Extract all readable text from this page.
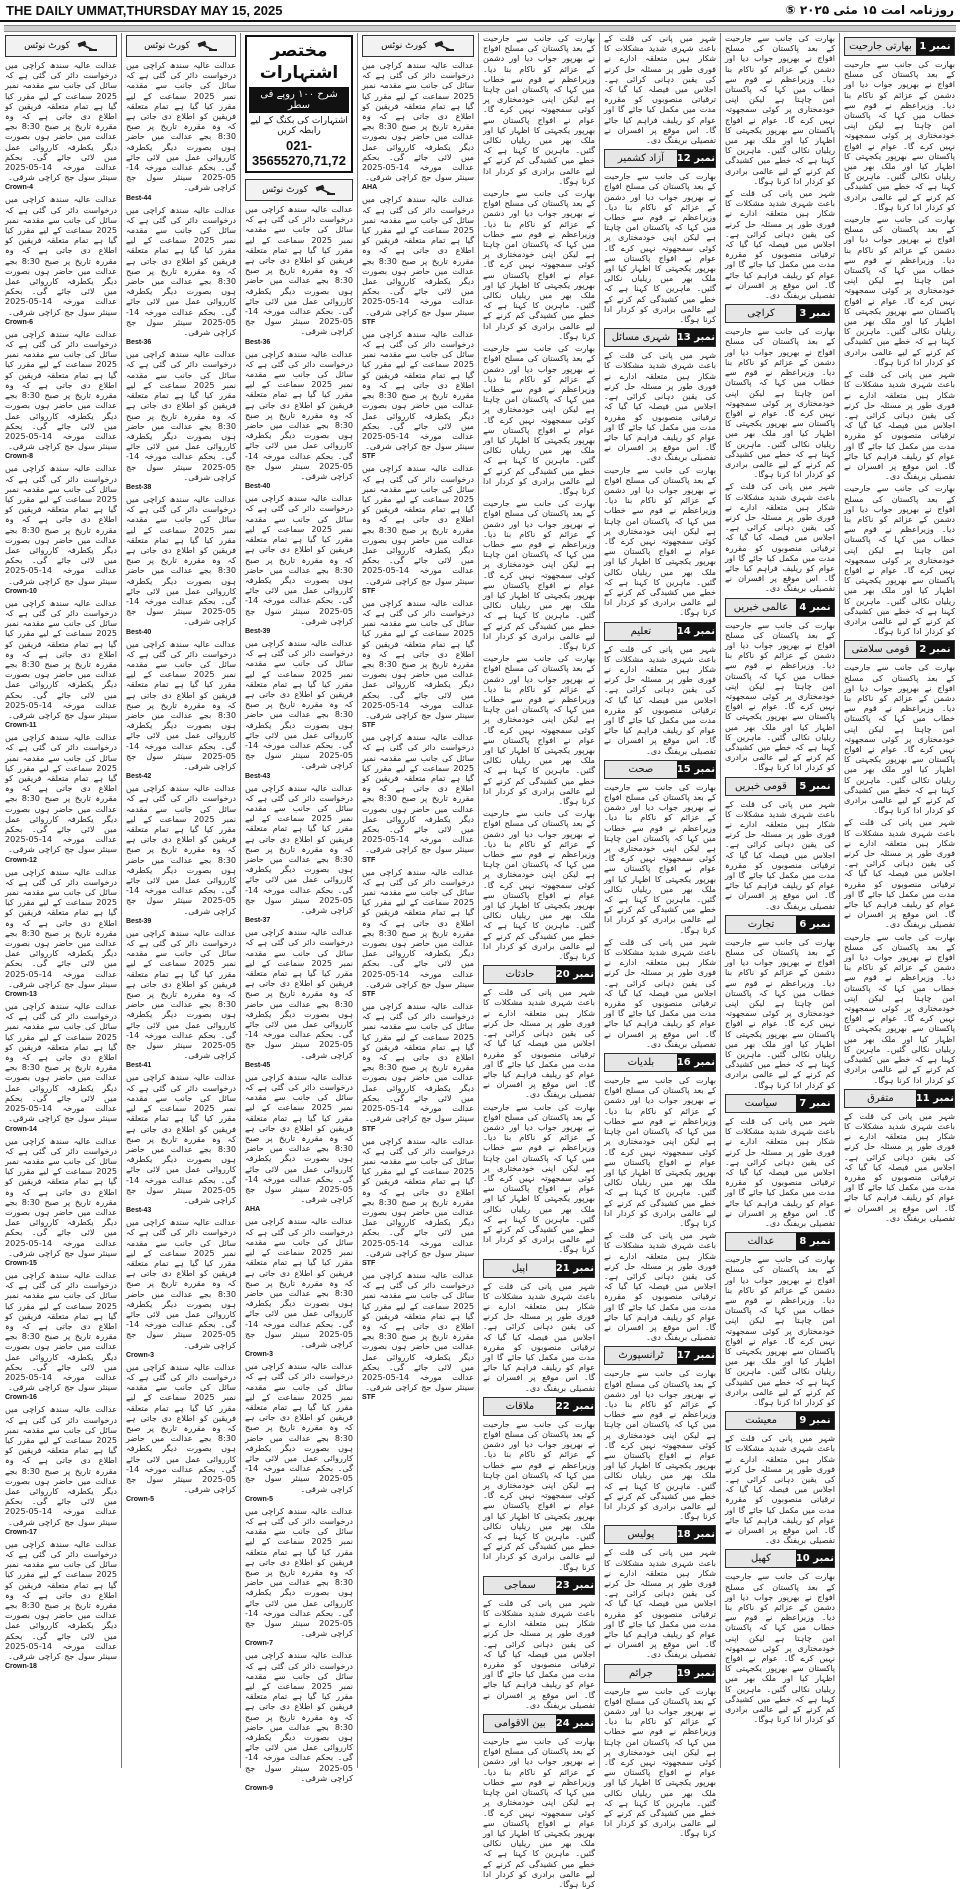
THE DAILY UMMAT,THURSDAY MAY 15, 2025	روزنامہ امت ۱۵ مئی ۲۰۲۵ ⑤
کورٹ نوٹس

عدالت عالیہ سندھ کراچی میں درخواست دائر کی گئی ہے کہ سائل کی جانب سے مقدمہ نمبر 2025 سماعت کے لیے مقرر کیا گیا ہے تمام متعلقہ فریقین کو اطلاع دی جاتی ہے کہ وہ مقررہ تاریخ پر صبح 8:30 بجے عدالت میں حاضر ہوں بصورت دیگر یکطرفہ کارروائی عمل میں لائی جائے گی۔ بحکم عدالت مورخہ 14-05-2025 سینئر سول جج کراچی شرقی۔

Crown-4

عدالت عالیہ سندھ کراچی میں درخواست دائر کی گئی ہے کہ سائل کی جانب سے مقدمہ نمبر 2025 سماعت کے لیے مقرر کیا گیا ہے تمام متعلقہ فریقین کو اطلاع دی جاتی ہے کہ وہ مقررہ تاریخ پر صبح 8:30 بجے عدالت میں حاضر ہوں بصورت دیگر یکطرفہ کارروائی عمل میں لائی جائے گی۔ بحکم عدالت مورخہ 14-05-2025 سینئر سول جج کراچی شرقی۔

Crown-6

عدالت عالیہ سندھ کراچی میں درخواست دائر کی گئی ہے کہ سائل کی جانب سے مقدمہ نمبر 2025 سماعت کے لیے مقرر کیا گیا ہے تمام متعلقہ فریقین کو اطلاع دی جاتی ہے کہ وہ مقررہ تاریخ پر صبح 8:30 بجے عدالت میں حاضر ہوں بصورت دیگر یکطرفہ کارروائی عمل میں لائی جائے گی۔ بحکم عدالت مورخہ 14-05-2025 سینئر سول جج کراچی شرقی۔

Crown-8

عدالت عالیہ سندھ کراچی میں درخواست دائر کی گئی ہے کہ سائل کی جانب سے مقدمہ نمبر 2025 سماعت کے لیے مقرر کیا گیا ہے تمام متعلقہ فریقین کو اطلاع دی جاتی ہے کہ وہ مقررہ تاریخ پر صبح 8:30 بجے عدالت میں حاضر ہوں بصورت دیگر یکطرفہ کارروائی عمل میں لائی جائے گی۔ بحکم عدالت مورخہ 14-05-2025 سینئر سول جج کراچی شرقی۔

Crown-10

عدالت عالیہ سندھ کراچی میں درخواست دائر کی گئی ہے کہ سائل کی جانب سے مقدمہ نمبر 2025 سماعت کے لیے مقرر کیا گیا ہے تمام متعلقہ فریقین کو اطلاع دی جاتی ہے کہ وہ مقررہ تاریخ پر صبح 8:30 بجے عدالت میں حاضر ہوں بصورت دیگر یکطرفہ کارروائی عمل میں لائی جائے گی۔ بحکم عدالت مورخہ 14-05-2025 سینئر سول جج کراچی شرقی۔

Crown-11

عدالت عالیہ سندھ کراچی میں درخواست دائر کی گئی ہے کہ سائل کی جانب سے مقدمہ نمبر 2025 سماعت کے لیے مقرر کیا گیا ہے تمام متعلقہ فریقین کو اطلاع دی جاتی ہے کہ وہ مقررہ تاریخ پر صبح 8:30 بجے عدالت میں حاضر ہوں بصورت دیگر یکطرفہ کارروائی عمل میں لائی جائے گی۔ بحکم عدالت مورخہ 14-05-2025 سینئر سول جج کراچی شرقی۔

Crown-12

عدالت عالیہ سندھ کراچی میں درخواست دائر کی گئی ہے کہ سائل کی جانب سے مقدمہ نمبر 2025 سماعت کے لیے مقرر کیا گیا ہے تمام متعلقہ فریقین کو اطلاع دی جاتی ہے کہ وہ مقررہ تاریخ پر صبح 8:30 بجے عدالت میں حاضر ہوں بصورت دیگر یکطرفہ کارروائی عمل میں لائی جائے گی۔ بحکم عدالت مورخہ 14-05-2025 سینئر سول جج کراچی شرقی۔

Crown-13

عدالت عالیہ سندھ کراچی میں درخواست دائر کی گئی ہے کہ سائل کی جانب سے مقدمہ نمبر 2025 سماعت کے لیے مقرر کیا گیا ہے تمام متعلقہ فریقین کو اطلاع دی جاتی ہے کہ وہ مقررہ تاریخ پر صبح 8:30 بجے عدالت میں حاضر ہوں بصورت دیگر یکطرفہ کارروائی عمل میں لائی جائے گی۔ بحکم عدالت مورخہ 14-05-2025 سینئر سول جج کراچی شرقی۔

Crown-14

عدالت عالیہ سندھ کراچی میں درخواست دائر کی گئی ہے کہ سائل کی جانب سے مقدمہ نمبر 2025 سماعت کے لیے مقرر کیا گیا ہے تمام متعلقہ فریقین کو اطلاع دی جاتی ہے کہ وہ مقررہ تاریخ پر صبح 8:30 بجے عدالت میں حاضر ہوں بصورت دیگر یکطرفہ کارروائی عمل میں لائی جائے گی۔ بحکم عدالت مورخہ 14-05-2025 سینئر سول جج کراچی شرقی۔

Crown-15

عدالت عالیہ سندھ کراچی میں درخواست دائر کی گئی ہے کہ سائل کی جانب سے مقدمہ نمبر 2025 سماعت کے لیے مقرر کیا گیا ہے تمام متعلقہ فریقین کو اطلاع دی جاتی ہے کہ وہ مقررہ تاریخ پر صبح 8:30 بجے عدالت میں حاضر ہوں بصورت دیگر یکطرفہ کارروائی عمل میں لائی جائے گی۔ بحکم عدالت مورخہ 14-05-2025 سینئر سول جج کراچی شرقی۔

Crown-16

عدالت عالیہ سندھ کراچی میں درخواست دائر کی گئی ہے کہ سائل کی جانب سے مقدمہ نمبر 2025 سماعت کے لیے مقرر کیا گیا ہے تمام متعلقہ فریقین کو اطلاع دی جاتی ہے کہ وہ مقررہ تاریخ پر صبح 8:30 بجے عدالت میں حاضر ہوں بصورت دیگر یکطرفہ کارروائی عمل میں لائی جائے گی۔ بحکم عدالت مورخہ 14-05-2025 سینئر سول جج کراچی شرقی۔

Crown-17

عدالت عالیہ سندھ کراچی میں درخواست دائر کی گئی ہے کہ سائل کی جانب سے مقدمہ نمبر 2025 سماعت کے لیے مقرر کیا گیا ہے تمام متعلقہ فریقین کو اطلاع دی جاتی ہے کہ وہ مقررہ تاریخ پر صبح 8:30 بجے عدالت میں حاضر ہوں بصورت دیگر یکطرفہ کارروائی عمل میں لائی جائے گی۔ بحکم عدالت مورخہ 14-05-2025 سینئر سول جج کراچی شرقی۔

Crown-18
کورٹ نوٹس

عدالت عالیہ سندھ کراچی میں درخواست دائر کی گئی ہے کہ سائل کی جانب سے مقدمہ نمبر 2025 سماعت کے لیے مقرر کیا گیا ہے تمام متعلقہ فریقین کو اطلاع دی جاتی ہے کہ وہ مقررہ تاریخ پر صبح 8:30 بجے عدالت میں حاضر ہوں بصورت دیگر یکطرفہ کارروائی عمل میں لائی جائے گی۔ بحکم عدالت مورخہ 14-05-2025 سینئر سول جج کراچی شرقی۔

Best-44

عدالت عالیہ سندھ کراچی میں درخواست دائر کی گئی ہے کہ سائل کی جانب سے مقدمہ نمبر 2025 سماعت کے لیے مقرر کیا گیا ہے تمام متعلقہ فریقین کو اطلاع دی جاتی ہے کہ وہ مقررہ تاریخ پر صبح 8:30 بجے عدالت میں حاضر ہوں بصورت دیگر یکطرفہ کارروائی عمل میں لائی جائے گی۔ بحکم عدالت مورخہ 14-05-2025 سینئر سول جج کراچی شرقی۔

Best-36

عدالت عالیہ سندھ کراچی میں درخواست دائر کی گئی ہے کہ سائل کی جانب سے مقدمہ نمبر 2025 سماعت کے لیے مقرر کیا گیا ہے تمام متعلقہ فریقین کو اطلاع دی جاتی ہے کہ وہ مقررہ تاریخ پر صبح 8:30 بجے عدالت میں حاضر ہوں بصورت دیگر یکطرفہ کارروائی عمل میں لائی جائے گی۔ بحکم عدالت مورخہ 14-05-2025 سینئر سول جج کراچی شرقی۔

Best-38

عدالت عالیہ سندھ کراچی میں درخواست دائر کی گئی ہے کہ سائل کی جانب سے مقدمہ نمبر 2025 سماعت کے لیے مقرر کیا گیا ہے تمام متعلقہ فریقین کو اطلاع دی جاتی ہے کہ وہ مقررہ تاریخ پر صبح 8:30 بجے عدالت میں حاضر ہوں بصورت دیگر یکطرفہ کارروائی عمل میں لائی جائے گی۔ بحکم عدالت مورخہ 14-05-2025 سینئر سول جج کراچی شرقی۔

Best-40

عدالت عالیہ سندھ کراچی میں درخواست دائر کی گئی ہے کہ سائل کی جانب سے مقدمہ نمبر 2025 سماعت کے لیے مقرر کیا گیا ہے تمام متعلقہ فریقین کو اطلاع دی جاتی ہے کہ وہ مقررہ تاریخ پر صبح 8:30 بجے عدالت میں حاضر ہوں بصورت دیگر یکطرفہ کارروائی عمل میں لائی جائے گی۔ بحکم عدالت مورخہ 14-05-2025 سینئر سول جج کراچی شرقی۔

Best-42

عدالت عالیہ سندھ کراچی میں درخواست دائر کی گئی ہے کہ سائل کی جانب سے مقدمہ نمبر 2025 سماعت کے لیے مقرر کیا گیا ہے تمام متعلقہ فریقین کو اطلاع دی جاتی ہے کہ وہ مقررہ تاریخ پر صبح 8:30 بجے عدالت میں حاضر ہوں بصورت دیگر یکطرفہ کارروائی عمل میں لائی جائے گی۔ بحکم عدالت مورخہ 14-05-2025 سینئر سول جج کراچی شرقی۔

Best-39

عدالت عالیہ سندھ کراچی میں درخواست دائر کی گئی ہے کہ سائل کی جانب سے مقدمہ نمبر 2025 سماعت کے لیے مقرر کیا گیا ہے تمام متعلقہ فریقین کو اطلاع دی جاتی ہے کہ وہ مقررہ تاریخ پر صبح 8:30 بجے عدالت میں حاضر ہوں بصورت دیگر یکطرفہ کارروائی عمل میں لائی جائے گی۔ بحکم عدالت مورخہ 14-05-2025 سینئر سول جج کراچی شرقی۔

Best-41

عدالت عالیہ سندھ کراچی میں درخواست دائر کی گئی ہے کہ سائل کی جانب سے مقدمہ نمبر 2025 سماعت کے لیے مقرر کیا گیا ہے تمام متعلقہ فریقین کو اطلاع دی جاتی ہے کہ وہ مقررہ تاریخ پر صبح 8:30 بجے عدالت میں حاضر ہوں بصورت دیگر یکطرفہ کارروائی عمل میں لائی جائے گی۔ بحکم عدالت مورخہ 14-05-2025 سینئر سول جج کراچی شرقی۔

Best-43

عدالت عالیہ سندھ کراچی میں درخواست دائر کی گئی ہے کہ سائل کی جانب سے مقدمہ نمبر 2025 سماعت کے لیے مقرر کیا گیا ہے تمام متعلقہ فریقین کو اطلاع دی جاتی ہے کہ وہ مقررہ تاریخ پر صبح 8:30 بجے عدالت میں حاضر ہوں بصورت دیگر یکطرفہ کارروائی عمل میں لائی جائے گی۔ بحکم عدالت مورخہ 14-05-2025 سینئر سول جج کراچی شرقی۔

Crown-3

عدالت عالیہ سندھ کراچی میں درخواست دائر کی گئی ہے کہ سائل کی جانب سے مقدمہ نمبر 2025 سماعت کے لیے مقرر کیا گیا ہے تمام متعلقہ فریقین کو اطلاع دی جاتی ہے کہ وہ مقررہ تاریخ پر صبح 8:30 بجے عدالت میں حاضر ہوں بصورت دیگر یکطرفہ کارروائی عمل میں لائی جائے گی۔ بحکم عدالت مورخہ 14-05-2025 سینئر سول جج کراچی شرقی۔

Crown-5
مختصر اشتہارات
شرح ١٠٠ روپے فی سطر
اشتہارات کی بکنگ کے لیے رابطہ کریں
021-35655270,71,72
کورٹ نوٹس

عدالت عالیہ سندھ کراچی میں درخواست دائر کی گئی ہے کہ سائل کی جانب سے مقدمہ نمبر 2025 سماعت کے لیے مقرر کیا گیا ہے تمام متعلقہ فریقین کو اطلاع دی جاتی ہے کہ وہ مقررہ تاریخ پر صبح 8:30 بجے عدالت میں حاضر ہوں بصورت دیگر یکطرفہ کارروائی عمل میں لائی جائے گی۔ بحکم عدالت مورخہ 14-05-2025 سینئر سول جج کراچی شرقی۔

Best-36

عدالت عالیہ سندھ کراچی میں درخواست دائر کی گئی ہے کہ سائل کی جانب سے مقدمہ نمبر 2025 سماعت کے لیے مقرر کیا گیا ہے تمام متعلقہ فریقین کو اطلاع دی جاتی ہے کہ وہ مقررہ تاریخ پر صبح 8:30 بجے عدالت میں حاضر ہوں بصورت دیگر یکطرفہ کارروائی عمل میں لائی جائے گی۔ بحکم عدالت مورخہ 14-05-2025 سینئر سول جج کراچی شرقی۔

Best-40

عدالت عالیہ سندھ کراچی میں درخواست دائر کی گئی ہے کہ سائل کی جانب سے مقدمہ نمبر 2025 سماعت کے لیے مقرر کیا گیا ہے تمام متعلقہ فریقین کو اطلاع دی جاتی ہے کہ وہ مقررہ تاریخ پر صبح 8:30 بجے عدالت میں حاضر ہوں بصورت دیگر یکطرفہ کارروائی عمل میں لائی جائے گی۔ بحکم عدالت مورخہ 14-05-2025 سینئر سول جج کراچی شرقی۔

Best-39

عدالت عالیہ سندھ کراچی میں درخواست دائر کی گئی ہے کہ سائل کی جانب سے مقدمہ نمبر 2025 سماعت کے لیے مقرر کیا گیا ہے تمام متعلقہ فریقین کو اطلاع دی جاتی ہے کہ وہ مقررہ تاریخ پر صبح 8:30 بجے عدالت میں حاضر ہوں بصورت دیگر یکطرفہ کارروائی عمل میں لائی جائے گی۔ بحکم عدالت مورخہ 14-05-2025 سینئر سول جج کراچی شرقی۔

Best-43

عدالت عالیہ سندھ کراچی میں درخواست دائر کی گئی ہے کہ سائل کی جانب سے مقدمہ نمبر 2025 سماعت کے لیے مقرر کیا گیا ہے تمام متعلقہ فریقین کو اطلاع دی جاتی ہے کہ وہ مقررہ تاریخ پر صبح 8:30 بجے عدالت میں حاضر ہوں بصورت دیگر یکطرفہ کارروائی عمل میں لائی جائے گی۔ بحکم عدالت مورخہ 14-05-2025 سینئر سول جج کراچی شرقی۔

Best-37

عدالت عالیہ سندھ کراچی میں درخواست دائر کی گئی ہے کہ سائل کی جانب سے مقدمہ نمبر 2025 سماعت کے لیے مقرر کیا گیا ہے تمام متعلقہ فریقین کو اطلاع دی جاتی ہے کہ وہ مقررہ تاریخ پر صبح 8:30 بجے عدالت میں حاضر ہوں بصورت دیگر یکطرفہ کارروائی عمل میں لائی جائے گی۔ بحکم عدالت مورخہ 14-05-2025 سینئر سول جج کراچی شرقی۔

Best-45

عدالت عالیہ سندھ کراچی میں درخواست دائر کی گئی ہے کہ سائل کی جانب سے مقدمہ نمبر 2025 سماعت کے لیے مقرر کیا گیا ہے تمام متعلقہ فریقین کو اطلاع دی جاتی ہے کہ وہ مقررہ تاریخ پر صبح 8:30 بجے عدالت میں حاضر ہوں بصورت دیگر یکطرفہ کارروائی عمل میں لائی جائے گی۔ بحکم عدالت مورخہ 14-05-2025 سینئر سول جج کراچی شرقی۔

AHA

عدالت عالیہ سندھ کراچی میں درخواست دائر کی گئی ہے کہ سائل کی جانب سے مقدمہ نمبر 2025 سماعت کے لیے مقرر کیا گیا ہے تمام متعلقہ فریقین کو اطلاع دی جاتی ہے کہ وہ مقررہ تاریخ پر صبح 8:30 بجے عدالت میں حاضر ہوں بصورت دیگر یکطرفہ کارروائی عمل میں لائی جائے گی۔ بحکم عدالت مورخہ 14-05-2025 سینئر سول جج کراچی شرقی۔

Crown-3

عدالت عالیہ سندھ کراچی میں درخواست دائر کی گئی ہے کہ سائل کی جانب سے مقدمہ نمبر 2025 سماعت کے لیے مقرر کیا گیا ہے تمام متعلقہ فریقین کو اطلاع دی جاتی ہے کہ وہ مقررہ تاریخ پر صبح 8:30 بجے عدالت میں حاضر ہوں بصورت دیگر یکطرفہ کارروائی عمل میں لائی جائے گی۔ بحکم عدالت مورخہ 14-05-2025 سینئر سول جج کراچی شرقی۔

Crown-5

عدالت عالیہ سندھ کراچی میں درخواست دائر کی گئی ہے کہ سائل کی جانب سے مقدمہ نمبر 2025 سماعت کے لیے مقرر کیا گیا ہے تمام متعلقہ فریقین کو اطلاع دی جاتی ہے کہ وہ مقررہ تاریخ پر صبح 8:30 بجے عدالت میں حاضر ہوں بصورت دیگر یکطرفہ کارروائی عمل میں لائی جائے گی۔ بحکم عدالت مورخہ 14-05-2025 سینئر سول جج کراچی شرقی۔

Crown-7

عدالت عالیہ سندھ کراچی میں درخواست دائر کی گئی ہے کہ سائل کی جانب سے مقدمہ نمبر 2025 سماعت کے لیے مقرر کیا گیا ہے تمام متعلقہ فریقین کو اطلاع دی جاتی ہے کہ وہ مقررہ تاریخ پر صبح 8:30 بجے عدالت میں حاضر ہوں بصورت دیگر یکطرفہ کارروائی عمل میں لائی جائے گی۔ بحکم عدالت مورخہ 14-05-2025 سینئر سول جج کراچی شرقی۔

Crown-9
کورٹ نوٹس

عدالت عالیہ سندھ کراچی میں درخواست دائر کی گئی ہے کہ سائل کی جانب سے مقدمہ نمبر 2025 سماعت کے لیے مقرر کیا گیا ہے تمام متعلقہ فریقین کو اطلاع دی جاتی ہے کہ وہ مقررہ تاریخ پر صبح 8:30 بجے عدالت میں حاضر ہوں بصورت دیگر یکطرفہ کارروائی عمل میں لائی جائے گی۔ بحکم عدالت مورخہ 14-05-2025 سینئر سول جج کراچی شرقی۔

AHA

عدالت عالیہ سندھ کراچی میں درخواست دائر کی گئی ہے کہ سائل کی جانب سے مقدمہ نمبر 2025 سماعت کے لیے مقرر کیا گیا ہے تمام متعلقہ فریقین کو اطلاع دی جاتی ہے کہ وہ مقررہ تاریخ پر صبح 8:30 بجے عدالت میں حاضر ہوں بصورت دیگر یکطرفہ کارروائی عمل میں لائی جائے گی۔ بحکم عدالت مورخہ 14-05-2025 سینئر سول جج کراچی شرقی۔

STF

عدالت عالیہ سندھ کراچی میں درخواست دائر کی گئی ہے کہ سائل کی جانب سے مقدمہ نمبر 2025 سماعت کے لیے مقرر کیا گیا ہے تمام متعلقہ فریقین کو اطلاع دی جاتی ہے کہ وہ مقررہ تاریخ پر صبح 8:30 بجے عدالت میں حاضر ہوں بصورت دیگر یکطرفہ کارروائی عمل میں لائی جائے گی۔ بحکم عدالت مورخہ 14-05-2025 سینئر سول جج کراچی شرقی۔

STF

عدالت عالیہ سندھ کراچی میں درخواست دائر کی گئی ہے کہ سائل کی جانب سے مقدمہ نمبر 2025 سماعت کے لیے مقرر کیا گیا ہے تمام متعلقہ فریقین کو اطلاع دی جاتی ہے کہ وہ مقررہ تاریخ پر صبح 8:30 بجے عدالت میں حاضر ہوں بصورت دیگر یکطرفہ کارروائی عمل میں لائی جائے گی۔ بحکم عدالت مورخہ 14-05-2025 سینئر سول جج کراچی شرقی۔

STF

عدالت عالیہ سندھ کراچی میں درخواست دائر کی گئی ہے کہ سائل کی جانب سے مقدمہ نمبر 2025 سماعت کے لیے مقرر کیا گیا ہے تمام متعلقہ فریقین کو اطلاع دی جاتی ہے کہ وہ مقررہ تاریخ پر صبح 8:30 بجے عدالت میں حاضر ہوں بصورت دیگر یکطرفہ کارروائی عمل میں لائی جائے گی۔ بحکم عدالت مورخہ 14-05-2025 سینئر سول جج کراچی شرقی۔

STF

عدالت عالیہ سندھ کراچی میں درخواست دائر کی گئی ہے کہ سائل کی جانب سے مقدمہ نمبر 2025 سماعت کے لیے مقرر کیا گیا ہے تمام متعلقہ فریقین کو اطلاع دی جاتی ہے کہ وہ مقررہ تاریخ پر صبح 8:30 بجے عدالت میں حاضر ہوں بصورت دیگر یکطرفہ کارروائی عمل میں لائی جائے گی۔ بحکم عدالت مورخہ 14-05-2025 سینئر سول جج کراچی شرقی۔

STF

عدالت عالیہ سندھ کراچی میں درخواست دائر کی گئی ہے کہ سائل کی جانب سے مقدمہ نمبر 2025 سماعت کے لیے مقرر کیا گیا ہے تمام متعلقہ فریقین کو اطلاع دی جاتی ہے کہ وہ مقررہ تاریخ پر صبح 8:30 بجے عدالت میں حاضر ہوں بصورت دیگر یکطرفہ کارروائی عمل میں لائی جائے گی۔ بحکم عدالت مورخہ 14-05-2025 سینئر سول جج کراچی شرقی۔

STF

عدالت عالیہ سندھ کراچی میں درخواست دائر کی گئی ہے کہ سائل کی جانب سے مقدمہ نمبر 2025 سماعت کے لیے مقرر کیا گیا ہے تمام متعلقہ فریقین کو اطلاع دی جاتی ہے کہ وہ مقررہ تاریخ پر صبح 8:30 بجے عدالت میں حاضر ہوں بصورت دیگر یکطرفہ کارروائی عمل میں لائی جائے گی۔ بحکم عدالت مورخہ 14-05-2025 سینئر سول جج کراچی شرقی۔

STF

عدالت عالیہ سندھ کراچی میں درخواست دائر کی گئی ہے کہ سائل کی جانب سے مقدمہ نمبر 2025 سماعت کے لیے مقرر کیا گیا ہے تمام متعلقہ فریقین کو اطلاع دی جاتی ہے کہ وہ مقررہ تاریخ پر صبح 8:30 بجے عدالت میں حاضر ہوں بصورت دیگر یکطرفہ کارروائی عمل میں لائی جائے گی۔ بحکم عدالت مورخہ 14-05-2025 سینئر سول جج کراچی شرقی۔

STF

عدالت عالیہ سندھ کراچی میں درخواست دائر کی گئی ہے کہ سائل کی جانب سے مقدمہ نمبر 2025 سماعت کے لیے مقرر کیا گیا ہے تمام متعلقہ فریقین کو اطلاع دی جاتی ہے کہ وہ مقررہ تاریخ پر صبح 8:30 بجے عدالت میں حاضر ہوں بصورت دیگر یکطرفہ کارروائی عمل میں لائی جائے گی۔ بحکم عدالت مورخہ 14-05-2025 سینئر سول جج کراچی شرقی۔

STF

بھارت کی جانب سے جارحیت کے بعد پاکستان کی مسلح افواج نے بھرپور جواب دیا اور دشمن کے عزائم کو ناکام بنا دیا۔ وزیراعظم نے قوم سے خطاب میں کہا کہ پاکستان امن چاہتا ہے لیکن اپنی خودمختاری پر کوئی سمجھوتہ نہیں کرے گا۔ عوام نے افواج پاکستان سے بھرپور یکجہتی کا اظہار کیا اور ملک بھر میں ریلیاں نکالی گئیں۔ ماہرین کا کہنا ہے کہ خطے میں کشیدگی کم کرنے کے لیے عالمی برادری کو کردار ادا کرنا ہوگا۔

بھارت کی جانب سے جارحیت کے بعد پاکستان کی مسلح افواج نے بھرپور جواب دیا اور دشمن کے عزائم کو ناکام بنا دیا۔ وزیراعظم نے قوم سے خطاب میں کہا کہ پاکستان امن چاہتا ہے لیکن اپنی خودمختاری پر کوئی سمجھوتہ نہیں کرے گا۔ عوام نے افواج پاکستان سے بھرپور یکجہتی کا اظہار کیا اور ملک بھر میں ریلیاں نکالی گئیں۔ ماہرین کا کہنا ہے کہ خطے میں کشیدگی کم کرنے کے لیے عالمی برادری کو کردار ادا کرنا ہوگا۔

بھارت کی جانب سے جارحیت کے بعد پاکستان کی مسلح افواج نے بھرپور جواب دیا اور دشمن کے عزائم کو ناکام بنا دیا۔ وزیراعظم نے قوم سے خطاب میں کہا کہ پاکستان امن چاہتا ہے لیکن اپنی خودمختاری پر کوئی سمجھوتہ نہیں کرے گا۔ عوام نے افواج پاکستان سے بھرپور یکجہتی کا اظہار کیا اور ملک بھر میں ریلیاں نکالی گئیں۔ ماہرین کا کہنا ہے کہ خطے میں کشیدگی کم کرنے کے لیے عالمی برادری کو کردار ادا کرنا ہوگا۔

بھارت کی جانب سے جارحیت کے بعد پاکستان کی مسلح افواج نے بھرپور جواب دیا اور دشمن کے عزائم کو ناکام بنا دیا۔ وزیراعظم نے قوم سے خطاب میں کہا کہ پاکستان امن چاہتا ہے لیکن اپنی خودمختاری پر کوئی سمجھوتہ نہیں کرے گا۔ عوام نے افواج پاکستان سے بھرپور یکجہتی کا اظہار کیا اور ملک بھر میں ریلیاں نکالی گئیں۔ ماہرین کا کہنا ہے کہ خطے میں کشیدگی کم کرنے کے لیے عالمی برادری کو کردار ادا کرنا ہوگا۔

بھارت کی جانب سے جارحیت کے بعد پاکستان کی مسلح افواج نے بھرپور جواب دیا اور دشمن کے عزائم کو ناکام بنا دیا۔ وزیراعظم نے قوم سے خطاب میں کہا کہ پاکستان امن چاہتا ہے لیکن اپنی خودمختاری پر کوئی سمجھوتہ نہیں کرے گا۔ عوام نے افواج پاکستان سے بھرپور یکجہتی کا اظہار کیا اور ملک بھر میں ریلیاں نکالی گئیں۔ ماہرین کا کہنا ہے کہ خطے میں کشیدگی کم کرنے کے لیے عالمی برادری کو کردار ادا کرنا ہوگا۔

بھارت کی جانب سے جارحیت کے بعد پاکستان کی مسلح افواج نے بھرپور جواب دیا اور دشمن کے عزائم کو ناکام بنا دیا۔ وزیراعظم نے قوم سے خطاب میں کہا کہ پاکستان امن چاہتا ہے لیکن اپنی خودمختاری پر کوئی سمجھوتہ نہیں کرے گا۔ عوام نے افواج پاکستان سے بھرپور یکجہتی کا اظہار کیا اور ملک بھر میں ریلیاں نکالی گئیں۔ ماہرین کا کہنا ہے کہ خطے میں کشیدگی کم کرنے کے لیے عالمی برادری کو کردار ادا کرنا ہوگا۔

نمبر 20
حادثات

شہر میں پانی کی قلت کے باعث شہری شدید مشکلات کا شکار ہیں متعلقہ ادارے نے فوری طور پر مسئلہ حل کرنے کی یقین دہانی کرائی ہے۔ اجلاس میں فیصلہ کیا گیا کہ ترقیاتی منصوبوں کو مقررہ مدت میں مکمل کیا جائے گا اور عوام کو ریلیف فراہم کیا جائے گا۔ اس موقع پر افسران نے تفصیلی بریفنگ دی۔

بھارت کی جانب سے جارحیت کے بعد پاکستان کی مسلح افواج نے بھرپور جواب دیا اور دشمن کے عزائم کو ناکام بنا دیا۔ وزیراعظم نے قوم سے خطاب میں کہا کہ پاکستان امن چاہتا ہے لیکن اپنی خودمختاری پر کوئی سمجھوتہ نہیں کرے گا۔ عوام نے افواج پاکستان سے بھرپور یکجہتی کا اظہار کیا اور ملک بھر میں ریلیاں نکالی گئیں۔ ماہرین کا کہنا ہے کہ خطے میں کشیدگی کم کرنے کے لیے عالمی برادری کو کردار ادا کرنا ہوگا۔

نمبر 21
اپیل

شہر میں پانی کی قلت کے باعث شہری شدید مشکلات کا شکار ہیں متعلقہ ادارے نے فوری طور پر مسئلہ حل کرنے کی یقین دہانی کرائی ہے۔ اجلاس میں فیصلہ کیا گیا کہ ترقیاتی منصوبوں کو مقررہ مدت میں مکمل کیا جائے گا اور عوام کو ریلیف فراہم کیا جائے گا۔ اس موقع پر افسران نے تفصیلی بریفنگ دی۔

نمبر 22
ملاقات

بھارت کی جانب سے جارحیت کے بعد پاکستان کی مسلح افواج نے بھرپور جواب دیا اور دشمن کے عزائم کو ناکام بنا دیا۔ وزیراعظم نے قوم سے خطاب میں کہا کہ پاکستان امن چاہتا ہے لیکن اپنی خودمختاری پر کوئی سمجھوتہ نہیں کرے گا۔ عوام نے افواج پاکستان سے بھرپور یکجہتی کا اظہار کیا اور ملک بھر میں ریلیاں نکالی گئیں۔ ماہرین کا کہنا ہے کہ خطے میں کشیدگی کم کرنے کے لیے عالمی برادری کو کردار ادا کرنا ہوگا۔

نمبر 23
سماجی

شہر میں پانی کی قلت کے باعث شہری شدید مشکلات کا شکار ہیں متعلقہ ادارے نے فوری طور پر مسئلہ حل کرنے کی یقین دہانی کرائی ہے۔ اجلاس میں فیصلہ کیا گیا کہ ترقیاتی منصوبوں کو مقررہ مدت میں مکمل کیا جائے گا اور عوام کو ریلیف فراہم کیا جائے گا۔ اس موقع پر افسران نے تفصیلی بریفنگ دی۔

نمبر 24
بین الاقوامی

بھارت کی جانب سے جارحیت کے بعد پاکستان کی مسلح افواج نے بھرپور جواب دیا اور دشمن کے عزائم کو ناکام بنا دیا۔ وزیراعظم نے قوم سے خطاب میں کہا کہ پاکستان امن چاہتا ہے لیکن اپنی خودمختاری پر کوئی سمجھوتہ نہیں کرے گا۔ عوام نے افواج پاکستان سے بھرپور یکجہتی کا اظہار کیا اور ملک بھر میں ریلیاں نکالی گئیں۔ ماہرین کا کہنا ہے کہ خطے میں کشیدگی کم کرنے کے لیے عالمی برادری کو کردار ادا کرنا ہوگا۔

شہر میں پانی کی قلت کے باعث شہری شدید مشکلات کا شکار ہیں متعلقہ ادارے نے فوری طور پر مسئلہ حل کرنے کی یقین دہانی کرائی ہے۔ اجلاس میں فیصلہ کیا گیا کہ ترقیاتی منصوبوں کو مقررہ مدت میں مکمل کیا جائے گا اور عوام کو ریلیف فراہم کیا جائے گا۔ اس موقع پر افسران نے تفصیلی بریفنگ دی۔

نمبر 12
آزاد کشمیر

بھارت کی جانب سے جارحیت کے بعد پاکستان کی مسلح افواج نے بھرپور جواب دیا اور دشمن کے عزائم کو ناکام بنا دیا۔ وزیراعظم نے قوم سے خطاب میں کہا کہ پاکستان امن چاہتا ہے لیکن اپنی خودمختاری پر کوئی سمجھوتہ نہیں کرے گا۔ عوام نے افواج پاکستان سے بھرپور یکجہتی کا اظہار کیا اور ملک بھر میں ریلیاں نکالی گئیں۔ ماہرین کا کہنا ہے کہ خطے میں کشیدگی کم کرنے کے لیے عالمی برادری کو کردار ادا کرنا ہوگا۔

نمبر 13
شہری مسائل

شہر میں پانی کی قلت کے باعث شہری شدید مشکلات کا شکار ہیں متعلقہ ادارے نے فوری طور پر مسئلہ حل کرنے کی یقین دہانی کرائی ہے۔ اجلاس میں فیصلہ کیا گیا کہ ترقیاتی منصوبوں کو مقررہ مدت میں مکمل کیا جائے گا اور عوام کو ریلیف فراہم کیا جائے گا۔ اس موقع پر افسران نے تفصیلی بریفنگ دی۔

بھارت کی جانب سے جارحیت کے بعد پاکستان کی مسلح افواج نے بھرپور جواب دیا اور دشمن کے عزائم کو ناکام بنا دیا۔ وزیراعظم نے قوم سے خطاب میں کہا کہ پاکستان امن چاہتا ہے لیکن اپنی خودمختاری پر کوئی سمجھوتہ نہیں کرے گا۔ عوام نے افواج پاکستان سے بھرپور یکجہتی کا اظہار کیا اور ملک بھر میں ریلیاں نکالی گئیں۔ ماہرین کا کہنا ہے کہ خطے میں کشیدگی کم کرنے کے لیے عالمی برادری کو کردار ادا کرنا ہوگا۔

نمبر 14
تعلیم

شہر میں پانی کی قلت کے باعث شہری شدید مشکلات کا شکار ہیں متعلقہ ادارے نے فوری طور پر مسئلہ حل کرنے کی یقین دہانی کرائی ہے۔ اجلاس میں فیصلہ کیا گیا کہ ترقیاتی منصوبوں کو مقررہ مدت میں مکمل کیا جائے گا اور عوام کو ریلیف فراہم کیا جائے گا۔ اس موقع پر افسران نے تفصیلی بریفنگ دی۔

نمبر 15
صحت

بھارت کی جانب سے جارحیت کے بعد پاکستان کی مسلح افواج نے بھرپور جواب دیا اور دشمن کے عزائم کو ناکام بنا دیا۔ وزیراعظم نے قوم سے خطاب میں کہا کہ پاکستان امن چاہتا ہے لیکن اپنی خودمختاری پر کوئی سمجھوتہ نہیں کرے گا۔ عوام نے افواج پاکستان سے بھرپور یکجہتی کا اظہار کیا اور ملک بھر میں ریلیاں نکالی گئیں۔ ماہرین کا کہنا ہے کہ خطے میں کشیدگی کم کرنے کے لیے عالمی برادری کو کردار ادا کرنا ہوگا۔

شہر میں پانی کی قلت کے باعث شہری شدید مشکلات کا شکار ہیں متعلقہ ادارے نے فوری طور پر مسئلہ حل کرنے کی یقین دہانی کرائی ہے۔ اجلاس میں فیصلہ کیا گیا کہ ترقیاتی منصوبوں کو مقررہ مدت میں مکمل کیا جائے گا اور عوام کو ریلیف فراہم کیا جائے گا۔ اس موقع پر افسران نے تفصیلی بریفنگ دی۔

نمبر 16
بلدیات

بھارت کی جانب سے جارحیت کے بعد پاکستان کی مسلح افواج نے بھرپور جواب دیا اور دشمن کے عزائم کو ناکام بنا دیا۔ وزیراعظم نے قوم سے خطاب میں کہا کہ پاکستان امن چاہتا ہے لیکن اپنی خودمختاری پر کوئی سمجھوتہ نہیں کرے گا۔ عوام نے افواج پاکستان سے بھرپور یکجہتی کا اظہار کیا اور ملک بھر میں ریلیاں نکالی گئیں۔ ماہرین کا کہنا ہے کہ خطے میں کشیدگی کم کرنے کے لیے عالمی برادری کو کردار ادا کرنا ہوگا۔

شہر میں پانی کی قلت کے باعث شہری شدید مشکلات کا شکار ہیں متعلقہ ادارے نے فوری طور پر مسئلہ حل کرنے کی یقین دہانی کرائی ہے۔ اجلاس میں فیصلہ کیا گیا کہ ترقیاتی منصوبوں کو مقررہ مدت میں مکمل کیا جائے گا اور عوام کو ریلیف فراہم کیا جائے گا۔ اس موقع پر افسران نے تفصیلی بریفنگ دی۔

نمبر 17
ٹرانسپورٹ

بھارت کی جانب سے جارحیت کے بعد پاکستان کی مسلح افواج نے بھرپور جواب دیا اور دشمن کے عزائم کو ناکام بنا دیا۔ وزیراعظم نے قوم سے خطاب میں کہا کہ پاکستان امن چاہتا ہے لیکن اپنی خودمختاری پر کوئی سمجھوتہ نہیں کرے گا۔ عوام نے افواج پاکستان سے بھرپور یکجہتی کا اظہار کیا اور ملک بھر میں ریلیاں نکالی گئیں۔ ماہرین کا کہنا ہے کہ خطے میں کشیدگی کم کرنے کے لیے عالمی برادری کو کردار ادا کرنا ہوگا۔

نمبر 18
پولیس

شہر میں پانی کی قلت کے باعث شہری شدید مشکلات کا شکار ہیں متعلقہ ادارے نے فوری طور پر مسئلہ حل کرنے کی یقین دہانی کرائی ہے۔ اجلاس میں فیصلہ کیا گیا کہ ترقیاتی منصوبوں کو مقررہ مدت میں مکمل کیا جائے گا اور عوام کو ریلیف فراہم کیا جائے گا۔ اس موقع پر افسران نے تفصیلی بریفنگ دی۔

نمبر 19
جرائم

بھارت کی جانب سے جارحیت کے بعد پاکستان کی مسلح افواج نے بھرپور جواب دیا اور دشمن کے عزائم کو ناکام بنا دیا۔ وزیراعظم نے قوم سے خطاب میں کہا کہ پاکستان امن چاہتا ہے لیکن اپنی خودمختاری پر کوئی سمجھوتہ نہیں کرے گا۔ عوام نے افواج پاکستان سے بھرپور یکجہتی کا اظہار کیا اور ملک بھر میں ریلیاں نکالی گئیں۔ ماہرین کا کہنا ہے کہ خطے میں کشیدگی کم کرنے کے لیے عالمی برادری کو کردار ادا کرنا ہوگا۔

بھارت کی جانب سے جارحیت کے بعد پاکستان کی مسلح افواج نے بھرپور جواب دیا اور دشمن کے عزائم کو ناکام بنا دیا۔ وزیراعظم نے قوم سے خطاب میں کہا کہ پاکستان امن چاہتا ہے لیکن اپنی خودمختاری پر کوئی سمجھوتہ نہیں کرے گا۔ عوام نے افواج پاکستان سے بھرپور یکجہتی کا اظہار کیا اور ملک بھر میں ریلیاں نکالی گئیں۔ ماہرین کا کہنا ہے کہ خطے میں کشیدگی کم کرنے کے لیے عالمی برادری کو کردار ادا کرنا ہوگا۔

شہر میں پانی کی قلت کے باعث شہری شدید مشکلات کا شکار ہیں متعلقہ ادارے نے فوری طور پر مسئلہ حل کرنے کی یقین دہانی کرائی ہے۔ اجلاس میں فیصلہ کیا گیا کہ ترقیاتی منصوبوں کو مقررہ مدت میں مکمل کیا جائے گا اور عوام کو ریلیف فراہم کیا جائے گا۔ اس موقع پر افسران نے تفصیلی بریفنگ دی۔

نمبر 3
کراچی

بھارت کی جانب سے جارحیت کے بعد پاکستان کی مسلح افواج نے بھرپور جواب دیا اور دشمن کے عزائم کو ناکام بنا دیا۔ وزیراعظم نے قوم سے خطاب میں کہا کہ پاکستان امن چاہتا ہے لیکن اپنی خودمختاری پر کوئی سمجھوتہ نہیں کرے گا۔ عوام نے افواج پاکستان سے بھرپور یکجہتی کا اظہار کیا اور ملک بھر میں ریلیاں نکالی گئیں۔ ماہرین کا کہنا ہے کہ خطے میں کشیدگی کم کرنے کے لیے عالمی برادری کو کردار ادا کرنا ہوگا۔

شہر میں پانی کی قلت کے باعث شہری شدید مشکلات کا شکار ہیں متعلقہ ادارے نے فوری طور پر مسئلہ حل کرنے کی یقین دہانی کرائی ہے۔ اجلاس میں فیصلہ کیا گیا کہ ترقیاتی منصوبوں کو مقررہ مدت میں مکمل کیا جائے گا اور عوام کو ریلیف فراہم کیا جائے گا۔ اس موقع پر افسران نے تفصیلی بریفنگ دی۔

نمبر 4
عالمی خبریں

بھارت کی جانب سے جارحیت کے بعد پاکستان کی مسلح افواج نے بھرپور جواب دیا اور دشمن کے عزائم کو ناکام بنا دیا۔ وزیراعظم نے قوم سے خطاب میں کہا کہ پاکستان امن چاہتا ہے لیکن اپنی خودمختاری پر کوئی سمجھوتہ نہیں کرے گا۔ عوام نے افواج پاکستان سے بھرپور یکجہتی کا اظہار کیا اور ملک بھر میں ریلیاں نکالی گئیں۔ ماہرین کا کہنا ہے کہ خطے میں کشیدگی کم کرنے کے لیے عالمی برادری کو کردار ادا کرنا ہوگا۔

نمبر 5
قومی خبریں

شہر میں پانی کی قلت کے باعث شہری شدید مشکلات کا شکار ہیں متعلقہ ادارے نے فوری طور پر مسئلہ حل کرنے کی یقین دہانی کرائی ہے۔ اجلاس میں فیصلہ کیا گیا کہ ترقیاتی منصوبوں کو مقررہ مدت میں مکمل کیا جائے گا اور عوام کو ریلیف فراہم کیا جائے گا۔ اس موقع پر افسران نے تفصیلی بریفنگ دی۔

نمبر 6
تجارت

بھارت کی جانب سے جارحیت کے بعد پاکستان کی مسلح افواج نے بھرپور جواب دیا اور دشمن کے عزائم کو ناکام بنا دیا۔ وزیراعظم نے قوم سے خطاب میں کہا کہ پاکستان امن چاہتا ہے لیکن اپنی خودمختاری پر کوئی سمجھوتہ نہیں کرے گا۔ عوام نے افواج پاکستان سے بھرپور یکجہتی کا اظہار کیا اور ملک بھر میں ریلیاں نکالی گئیں۔ ماہرین کا کہنا ہے کہ خطے میں کشیدگی کم کرنے کے لیے عالمی برادری کو کردار ادا کرنا ہوگا۔

نمبر 7
سیاست

شہر میں پانی کی قلت کے باعث شہری شدید مشکلات کا شکار ہیں متعلقہ ادارے نے فوری طور پر مسئلہ حل کرنے کی یقین دہانی کرائی ہے۔ اجلاس میں فیصلہ کیا گیا کہ ترقیاتی منصوبوں کو مقررہ مدت میں مکمل کیا جائے گا اور عوام کو ریلیف فراہم کیا جائے گا۔ اس موقع پر افسران نے تفصیلی بریفنگ دی۔

نمبر 8
عدالت

بھارت کی جانب سے جارحیت کے بعد پاکستان کی مسلح افواج نے بھرپور جواب دیا اور دشمن کے عزائم کو ناکام بنا دیا۔ وزیراعظم نے قوم سے خطاب میں کہا کہ پاکستان امن چاہتا ہے لیکن اپنی خودمختاری پر کوئی سمجھوتہ نہیں کرے گا۔ عوام نے افواج پاکستان سے بھرپور یکجہتی کا اظہار کیا اور ملک بھر میں ریلیاں نکالی گئیں۔ ماہرین کا کہنا ہے کہ خطے میں کشیدگی کم کرنے کے لیے عالمی برادری کو کردار ادا کرنا ہوگا۔

نمبر 9
معیشت

شہر میں پانی کی قلت کے باعث شہری شدید مشکلات کا شکار ہیں متعلقہ ادارے نے فوری طور پر مسئلہ حل کرنے کی یقین دہانی کرائی ہے۔ اجلاس میں فیصلہ کیا گیا کہ ترقیاتی منصوبوں کو مقررہ مدت میں مکمل کیا جائے گا اور عوام کو ریلیف فراہم کیا جائے گا۔ اس موقع پر افسران نے تفصیلی بریفنگ دی۔

نمبر 10
کھیل

بھارت کی جانب سے جارحیت کے بعد پاکستان کی مسلح افواج نے بھرپور جواب دیا اور دشمن کے عزائم کو ناکام بنا دیا۔ وزیراعظم نے قوم سے خطاب میں کہا کہ پاکستان امن چاہتا ہے لیکن اپنی خودمختاری پر کوئی سمجھوتہ نہیں کرے گا۔ عوام نے افواج پاکستان سے بھرپور یکجہتی کا اظہار کیا اور ملک بھر میں ریلیاں نکالی گئیں۔ ماہرین کا کہنا ہے کہ خطے میں کشیدگی کم کرنے کے لیے عالمی برادری کو کردار ادا کرنا ہوگا۔

نمبر 1
بھارتی جارحیت

بھارت کی جانب سے جارحیت کے بعد پاکستان کی مسلح افواج نے بھرپور جواب دیا اور دشمن کے عزائم کو ناکام بنا دیا۔ وزیراعظم نے قوم سے خطاب میں کہا کہ پاکستان امن چاہتا ہے لیکن اپنی خودمختاری پر کوئی سمجھوتہ نہیں کرے گا۔ عوام نے افواج پاکستان سے بھرپور یکجہتی کا اظہار کیا اور ملک بھر میں ریلیاں نکالی گئیں۔ ماہرین کا کہنا ہے کہ خطے میں کشیدگی کم کرنے کے لیے عالمی برادری کو کردار ادا کرنا ہوگا۔

بھارت کی جانب سے جارحیت کے بعد پاکستان کی مسلح افواج نے بھرپور جواب دیا اور دشمن کے عزائم کو ناکام بنا دیا۔ وزیراعظم نے قوم سے خطاب میں کہا کہ پاکستان امن چاہتا ہے لیکن اپنی خودمختاری پر کوئی سمجھوتہ نہیں کرے گا۔ عوام نے افواج پاکستان سے بھرپور یکجہتی کا اظہار کیا اور ملک بھر میں ریلیاں نکالی گئیں۔ ماہرین کا کہنا ہے کہ خطے میں کشیدگی کم کرنے کے لیے عالمی برادری کو کردار ادا کرنا ہوگا۔

شہر میں پانی کی قلت کے باعث شہری شدید مشکلات کا شکار ہیں متعلقہ ادارے نے فوری طور پر مسئلہ حل کرنے کی یقین دہانی کرائی ہے۔ اجلاس میں فیصلہ کیا گیا کہ ترقیاتی منصوبوں کو مقررہ مدت میں مکمل کیا جائے گا اور عوام کو ریلیف فراہم کیا جائے گا۔ اس موقع پر افسران نے تفصیلی بریفنگ دی۔

بھارت کی جانب سے جارحیت کے بعد پاکستان کی مسلح افواج نے بھرپور جواب دیا اور دشمن کے عزائم کو ناکام بنا دیا۔ وزیراعظم نے قوم سے خطاب میں کہا کہ پاکستان امن چاہتا ہے لیکن اپنی خودمختاری پر کوئی سمجھوتہ نہیں کرے گا۔ عوام نے افواج پاکستان سے بھرپور یکجہتی کا اظہار کیا اور ملک بھر میں ریلیاں نکالی گئیں۔ ماہرین کا کہنا ہے کہ خطے میں کشیدگی کم کرنے کے لیے عالمی برادری کو کردار ادا کرنا ہوگا۔

نمبر 2
قومی سلامتی

بھارت کی جانب سے جارحیت کے بعد پاکستان کی مسلح افواج نے بھرپور جواب دیا اور دشمن کے عزائم کو ناکام بنا دیا۔ وزیراعظم نے قوم سے خطاب میں کہا کہ پاکستان امن چاہتا ہے لیکن اپنی خودمختاری پر کوئی سمجھوتہ نہیں کرے گا۔ عوام نے افواج پاکستان سے بھرپور یکجہتی کا اظہار کیا اور ملک بھر میں ریلیاں نکالی گئیں۔ ماہرین کا کہنا ہے کہ خطے میں کشیدگی کم کرنے کے لیے عالمی برادری کو کردار ادا کرنا ہوگا۔

شہر میں پانی کی قلت کے باعث شہری شدید مشکلات کا شکار ہیں متعلقہ ادارے نے فوری طور پر مسئلہ حل کرنے کی یقین دہانی کرائی ہے۔ اجلاس میں فیصلہ کیا گیا کہ ترقیاتی منصوبوں کو مقررہ مدت میں مکمل کیا جائے گا اور عوام کو ریلیف فراہم کیا جائے گا۔ اس موقع پر افسران نے تفصیلی بریفنگ دی۔

بھارت کی جانب سے جارحیت کے بعد پاکستان کی مسلح افواج نے بھرپور جواب دیا اور دشمن کے عزائم کو ناکام بنا دیا۔ وزیراعظم نے قوم سے خطاب میں کہا کہ پاکستان امن چاہتا ہے لیکن اپنی خودمختاری پر کوئی سمجھوتہ نہیں کرے گا۔ عوام نے افواج پاکستان سے بھرپور یکجہتی کا اظہار کیا اور ملک بھر میں ریلیاں نکالی گئیں۔ ماہرین کا کہنا ہے کہ خطے میں کشیدگی کم کرنے کے لیے عالمی برادری کو کردار ادا کرنا ہوگا۔

نمبر 11
متفرق

شہر میں پانی کی قلت کے باعث شہری شدید مشکلات کا شکار ہیں متعلقہ ادارے نے فوری طور پر مسئلہ حل کرنے کی یقین دہانی کرائی ہے۔ اجلاس میں فیصلہ کیا گیا کہ ترقیاتی منصوبوں کو مقررہ مدت میں مکمل کیا جائے گا اور عوام کو ریلیف فراہم کیا جائے گا۔ اس موقع پر افسران نے تفصیلی بریفنگ دی۔
